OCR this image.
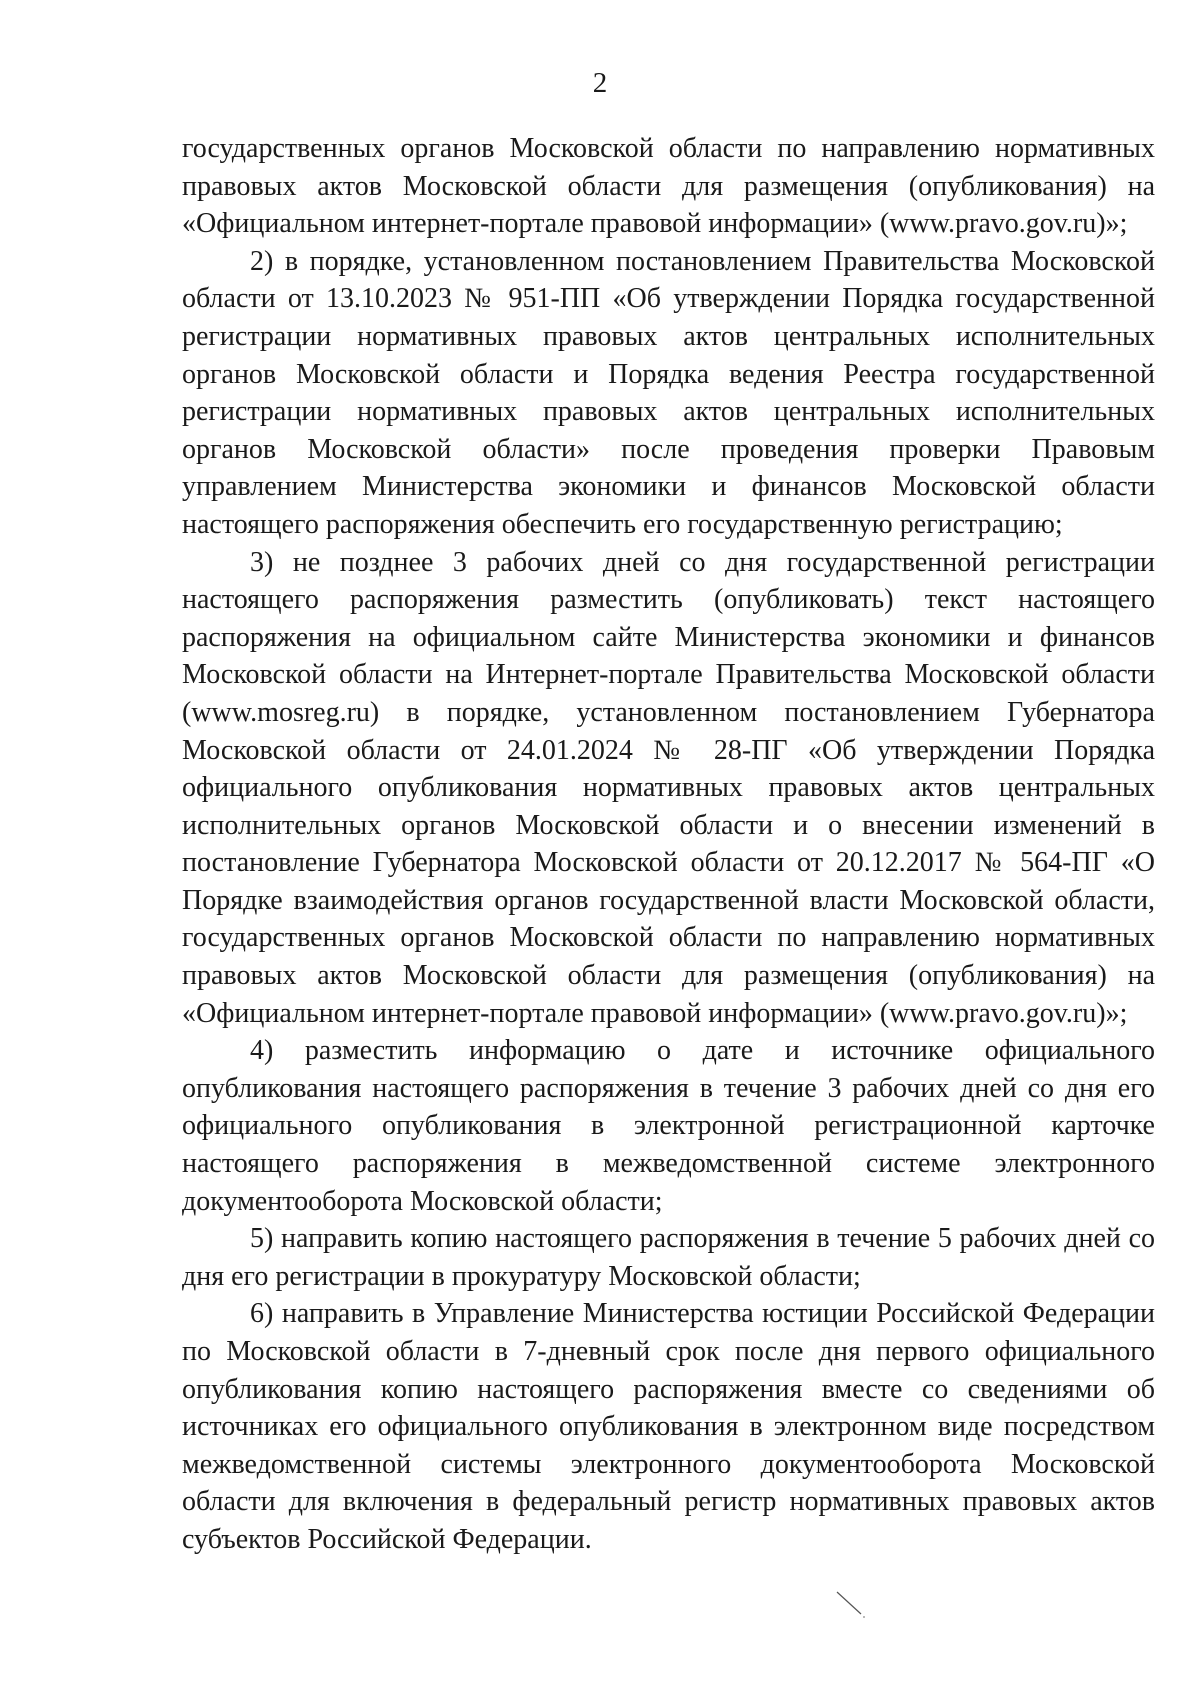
2

государственных органов Московской области по направлению нормативных правовых актов Московской области для размещения (опубликования) на «Официальном интернет-портале правовой информации» (www.pravo.gov.ru)»;

2) в порядке, установленном постановлением Правительства Московской области от 13.10.2023 № 951-ПП «Об утверждении Порядка государственной регистрации нормативных правовых актов центральных исполнительных органов Московской области и Порядка ведения Реестра государственной регистрации нормативных правовых актов центральных исполнительных органов Московской области» после проведения проверки Правовым управлением Министерства экономики и финансов Московской области настоящего распоряжения обеспечить его государственную регистрацию;

3) не позднее 3 рабочих дней со дня государственной регистрации настоящего распоряжения разместить (опубликовать) текст настоящего распоряжения на официальном сайте Министерства экономики и финансов Московской области на Интернет-портале Правительства Московской области (www.mosreg.ru) в порядке, установленном постановлением Губернатора Московской области от 24.01.2024 № 28-ПГ «Об утверждении Порядка официального опубликования нормативных правовых актов центральных исполнительных органов Московской области и о внесении изменений в постановление Губернатора Московской области от 20.12.2017 № 564-ПГ «О Порядке взаимодействия органов государственной власти Московской области, государственных органов Московской области по направлению нормативных правовых актов Московской области для размещения (опубликования) на «Официальном интернет-портале правовой информации» (www.pravo.gov.ru)»;

4) разместить информацию о дате и источнике официального опубликования настоящего распоряжения в течение 3 рабочих дней со дня его официального опубликования в электронной регистрационной карточке настоящего распоряжения в межведомственной системе электронного документооборота Московской области;

5) направить копию настоящего распоряжения в течение 5 рабочих дней со дня его регистрации в прокуратуру Московской области;

6) направить в Управление Министерства юстиции Российской Федерации по Московской области в 7-дневный срок после дня первого официального опубликования копию настоящего распоряжения вместе со сведениями об источниках его официального опубликования в электронном виде посредством межведомственной системы электронного документооборота Московской области для включения в федеральный регистр нормативных правовых актов субъектов Российской Федерации.
